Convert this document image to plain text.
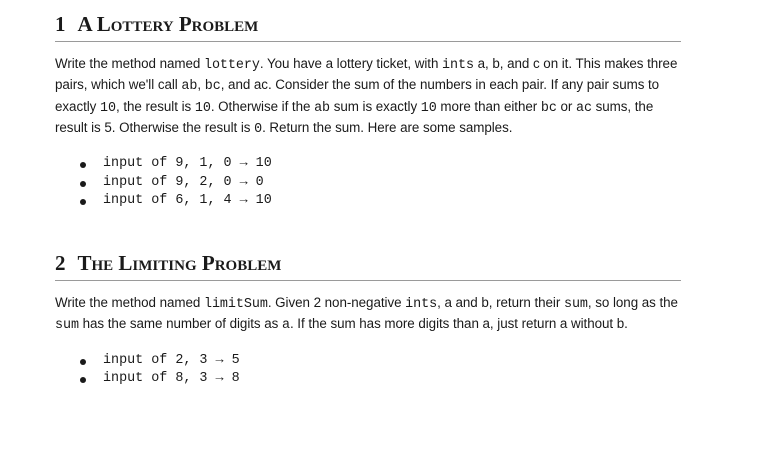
1 A Lottery Problem
Write the method named lottery. You have a lottery ticket, with ints a, b, and c on it. This makes three pairs, which we'll call ab, bc, and ac. Consider the sum of the numbers in each pair. If any pair sums to exactly 10, the result is 10. Otherwise if the ab sum is exactly 10 more than either bc or ac sums, the result is 5. Otherwise the result is 0. Return the sum. Here are some samples.
input of 9, 1, 0 → 10
input of 9, 2, 0 → 0
input of 6, 1, 4 → 10
2 The Limiting Problem
Write the method named limitSum. Given 2 non-negative ints, a and b, return their sum, so long as the sum has the same number of digits as a. If the sum has more digits than a, just return a without b.
input of 2, 3 → 5
input of 8, 3 → 8
